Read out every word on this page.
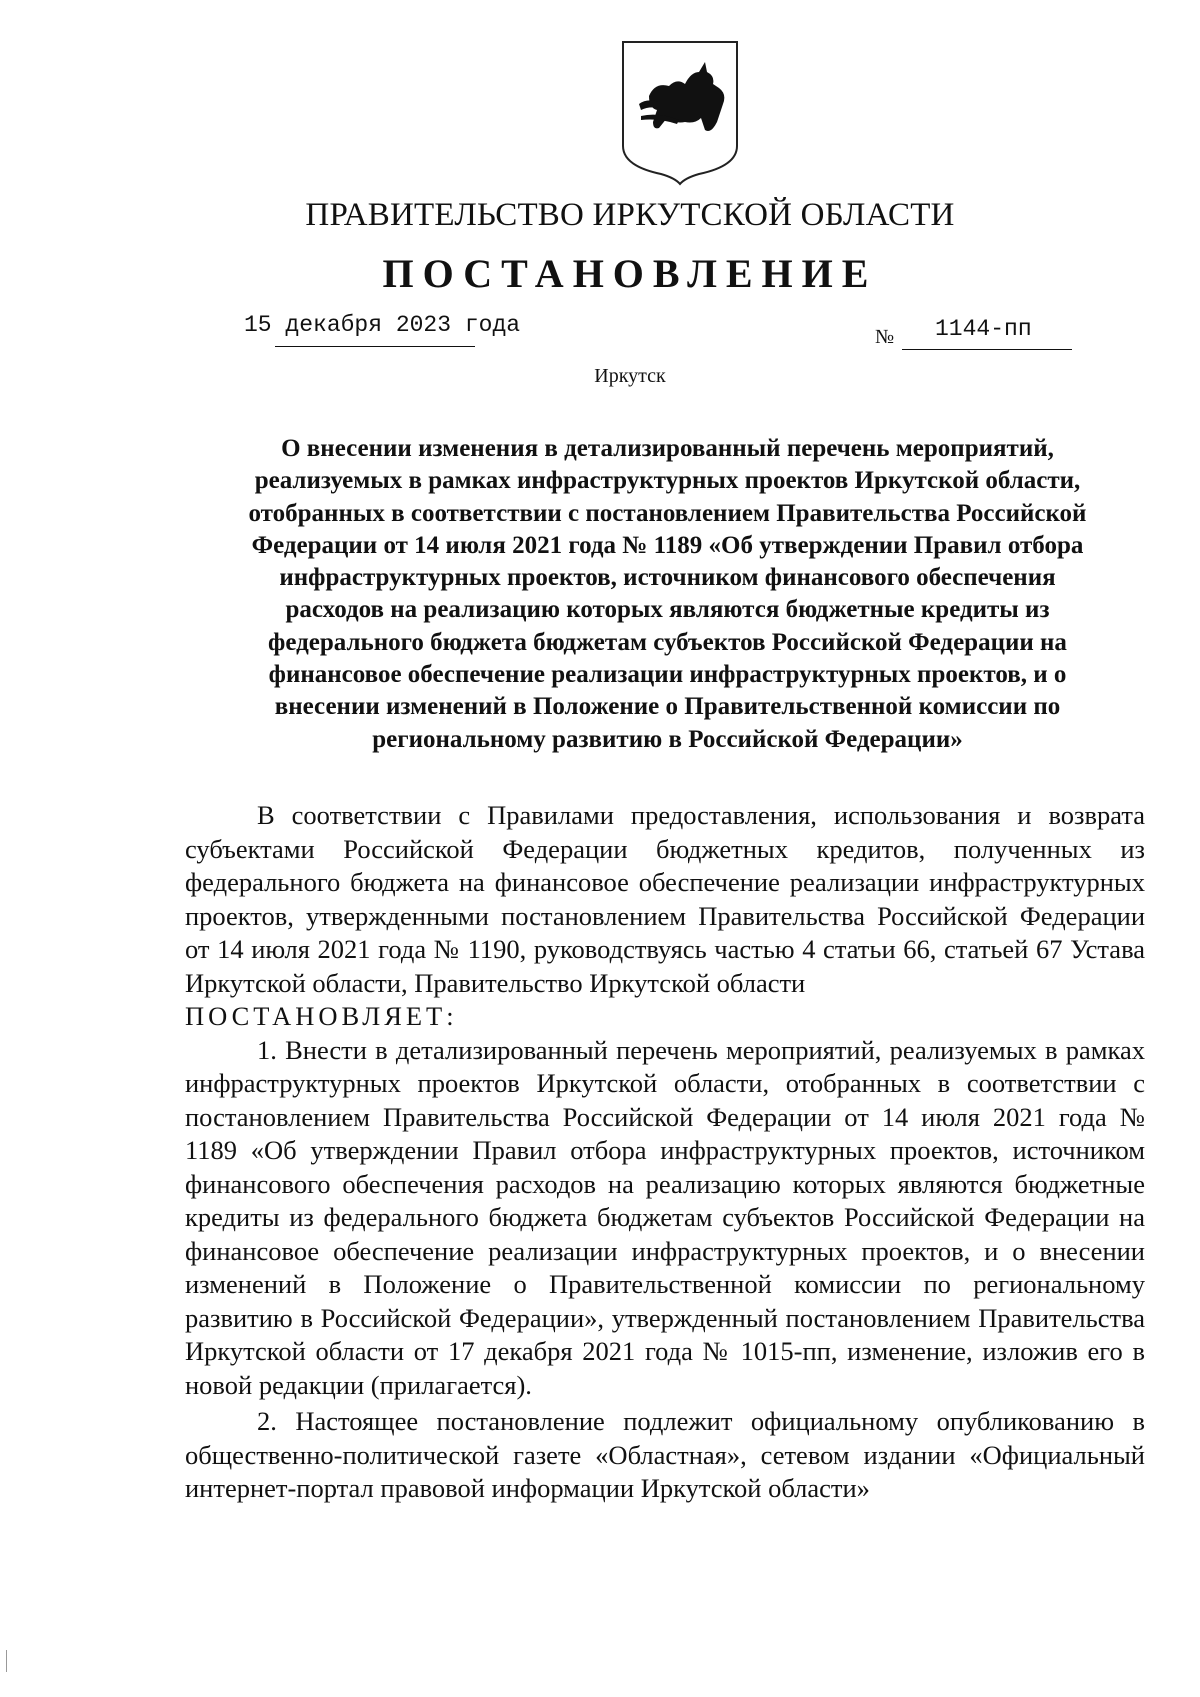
ПРАВИТЕЛЬСТВО ИРКУТСКОЙ ОБЛАСТИ
ПОСТАНОВЛЕНИЕ
15 декабря 2023 года	№ 1144-пп
Иркутск
О внесении изменения в детализированный перечень мероприятий,
реализуемых в рамках инфраструктурных проектов Иркутской области,
отобранных в соответствии с постановлением Правительства Российской
Федерации от 14 июля 2021 года № 1189 «Об утверждении Правил отбора
инфраструктурных проектов, источником финансового обеспечения
расходов на реализацию которых являются бюджетные кредиты из
федерального бюджета бюджетам субъектов Российской Федерации на
финансовое обеспечение реализации инфраструктурных проектов, и о
внесении изменений в Положение о Правительственной комиссии по
региональному развитию в Российской Федерации»

В соответствии с Правилами предоставления, использования и возврата субъектами Российской Федерации бюджетных кредитов, полученных из федерального бюджета на финансовое обеспечение реализации инфраструктурных проектов, утвержденными постановлением Правительства Российской Федерации от 14 июля 2021 года № 1190, руководствуясь частью 4 статьи 66, статьей 67 Устава Иркутской области, Правительство Иркутской области

ПОСТАНОВЛЯЕТ:

1. Внести в детализированный перечень мероприятий, реализуемых в рамках инфраструктурных проектов Иркутской области, отобранных в соответствии с постановлением Правительства Российской Федерации от 14 июля 2021 года № 1189 «Об утверждении Правил отбора инфраструктурных проектов, источником финансового обеспечения расходов на реализацию которых являются бюджетные кредиты из федерального бюджета бюджетам субъектов Российской Федерации на финансовое обеспечение реализации инфраструктурных проектов, и о внесении изменений в Положение о Правительственной комиссии по региональному развитию в Российской Федерации», утвержденный постановлением Правительства Иркутской области от 17 декабря 2021 года № 1015-пп, изменение, изложив его в новой редакции (прилагается).

2. Настоящее постановление подлежит официальному опубликованию в общественно-политической газете «Областная», сетевом издании «Официальный интернет-портал правовой информации Иркутской области»
